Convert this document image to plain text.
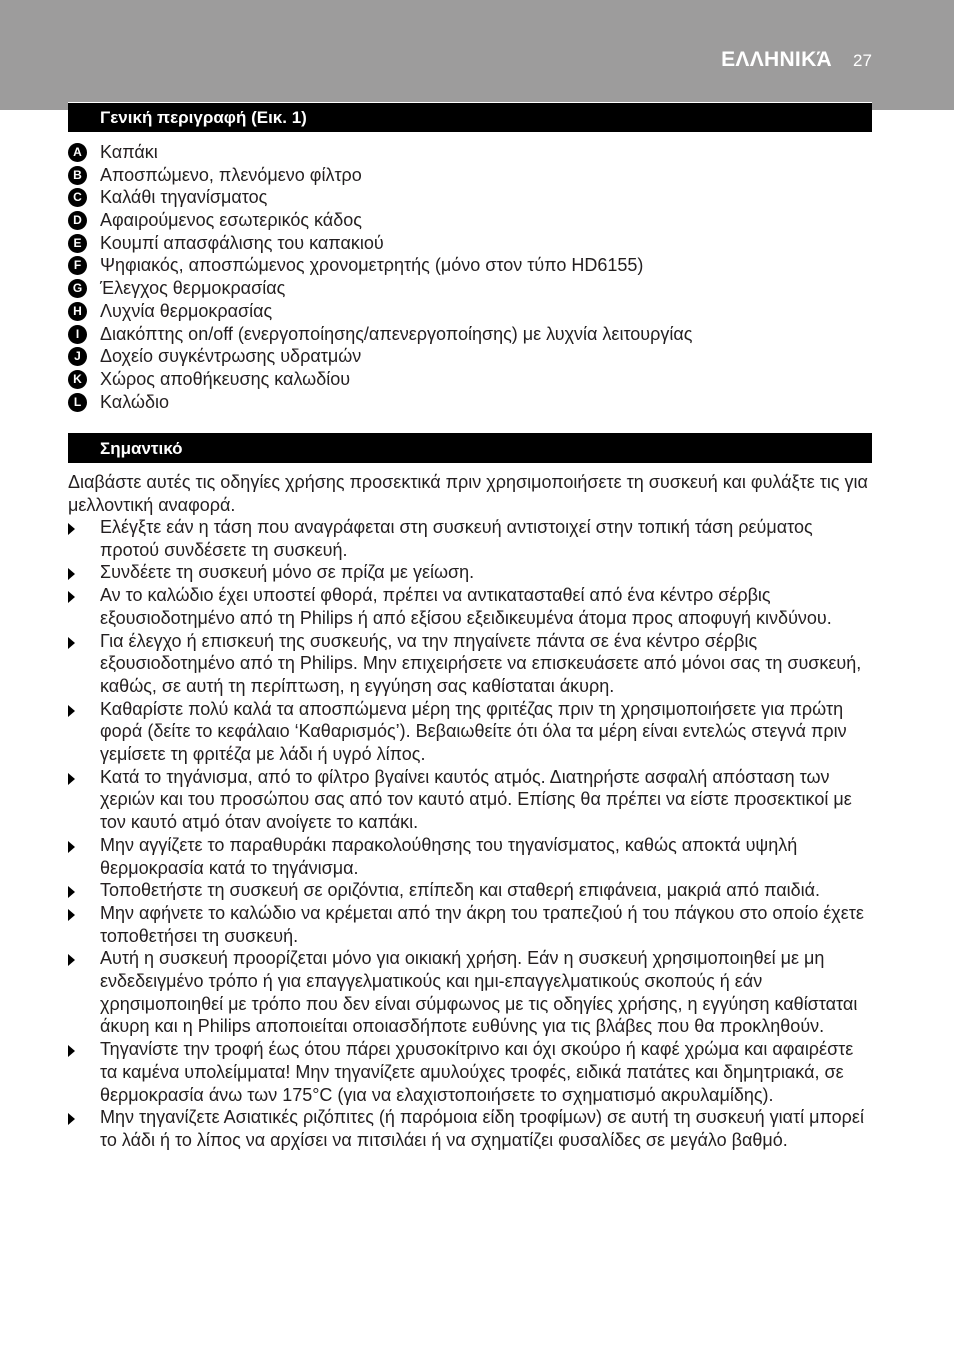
ΕΛΛΗΝΙΚΆ 27
Γενική περιγραφή (Εικ. 1)
A Καπάκι
B Αποσπώμενο, πλενόμενο φίλτρο
C Καλάθι τηγανίσματος
D Αφαιρούμενος εσωτερικός κάδος
E	Κουμπί απασφάλισης του καπακιού
F	Ψηφιακός, αποσπώμενος χρονομετρητής (μόνο στον τύπο HD6155)
G Έλεγχος θερμοκρασίας
H Λυχνία θερμοκρασίας
I	Διακόπτης on/off (ενεργοποίησης/απενεργοποίησης) με λυχνία λειτουργίας
J	Δοχείο συγκέντρωσης υδρατμών
K Χώρος αποθήκευσης καλωδίου
L	Καλώδιο
Σημαντικό

Διαβάστε αυτές τις οδηγίες χρήσης προσεκτικά πριν χρησιμοποιήσετε τη συσκευή και φυλάξτε τις για μελλοντική αναφορά.

Ελέγξτε εάν η τάση που αναγράφεται στη συσκευή αντιστοιχεί στην τοπική τάση ρεύματος προτού συνδέσετε τη συσκευή.
Συνδέετε τη συσκευή μόνο σε πρίζα με γείωση.
Αν το καλώδιο έχει υποστεί φθορά, πρέπει να αντικατασταθεί από ένα κέντρο σέρβις εξουσιοδοτημένο από τη Philips ή από εξίσου εξειδικευμένα άτομα προς αποφυγή κινδύνου.
Για έλεγχο ή επισκευή της συσκευής, να την πηγαίνετε πάντα σε ένα κέντρο σέρβις εξουσιοδοτημένο από τη Philips. Μην επιχειρήσετε να επισκευάσετε από μόνοι σας τη συσκευή, καθώς, σε αυτή τη περίπτωση, η εγγύηση σας καθίσταται άκυρη.
Καθαρίστε πολύ καλά τα αποσπώμενα μέρη της φριτέζας πριν τη χρησιμοποιήσετε για πρώτη φορά (δείτε το κεφάλαιο ‘Καθαρισμός’). Βεβαιωθείτε ότι όλα τα μέρη είναι εντελώς στεγνά πριν γεμίσετε τη φριτέζα με λάδι ή υγρό λίπος.
Κατά το τηγάνισμα, από το φίλτρο βγαίνει καυτός ατμός. Διατηρήστε ασφαλή απόσταση των χεριών και του προσώπου σας από τον καυτό ατμό. Επίσης θα πρέπει να είστε προσεκτικοί με τον καυτό ατμό όταν ανοίγετε το καπάκι.
Μην αγγίζετε το παραθυράκι παρακολούθησης του τηγανίσματος, καθώς αποκτά υψηλή θερμοκρασία κατά το τηγάνισμα.
Τοποθετήστε τη συσκευή σε οριζόντια, επίπεδη και σταθερή επιφάνεια, μακριά από παιδιά.
Μην αφήνετε το καλώδιο να κρέμεται από την άκρη του τραπεζιού ή του πάγκου στο οποίο έχετε τοποθετήσει τη συσκευή.
Αυτή η συσκευή προορίζεται μόνο για οικιακή χρήση. Εάν η συσκευή χρησιμοποιηθεί με μη ενδεδειγμένο τρόπο ή για επαγγελματικούς και ημι-επαγγελματικούς σκοπούς ή εάν χρησιμοποιηθεί με τρόπο που δεν είναι σύμφωνος με τις οδηγίες χρήσης, η εγγύηση καθίσταται άκυρη και η Philips αποποιείται οποιασδήποτε ευθύνης για τις βλάβες που θα προκληθούν.
Τηγανίστε την τροφή έως ότου πάρει χρυσοκίτρινο και όχι σκούρο ή καφέ χρώμα και αφαιρέστε τα καμένα υπολείμματα! Μην τηγανίζετε αμυλούχες τροφές, ειδικά πατάτες και δημητριακά, σε θερμοκρασία άνω των 175°C (για να ελαχιστοποιήσετε το σχηματισμό ακρυλαμίδης).
Μην τηγανίζετε Ασιατικές ριζόπιτες (ή παρόμοια είδη τροφίμων) σε αυτή τη συσκευή γιατί μπορεί το λάδι ή το λίπος να αρχίσει να πιτσιλάει ή να σχηματίζει φυσαλίδες σε μεγάλο βαθμό.
